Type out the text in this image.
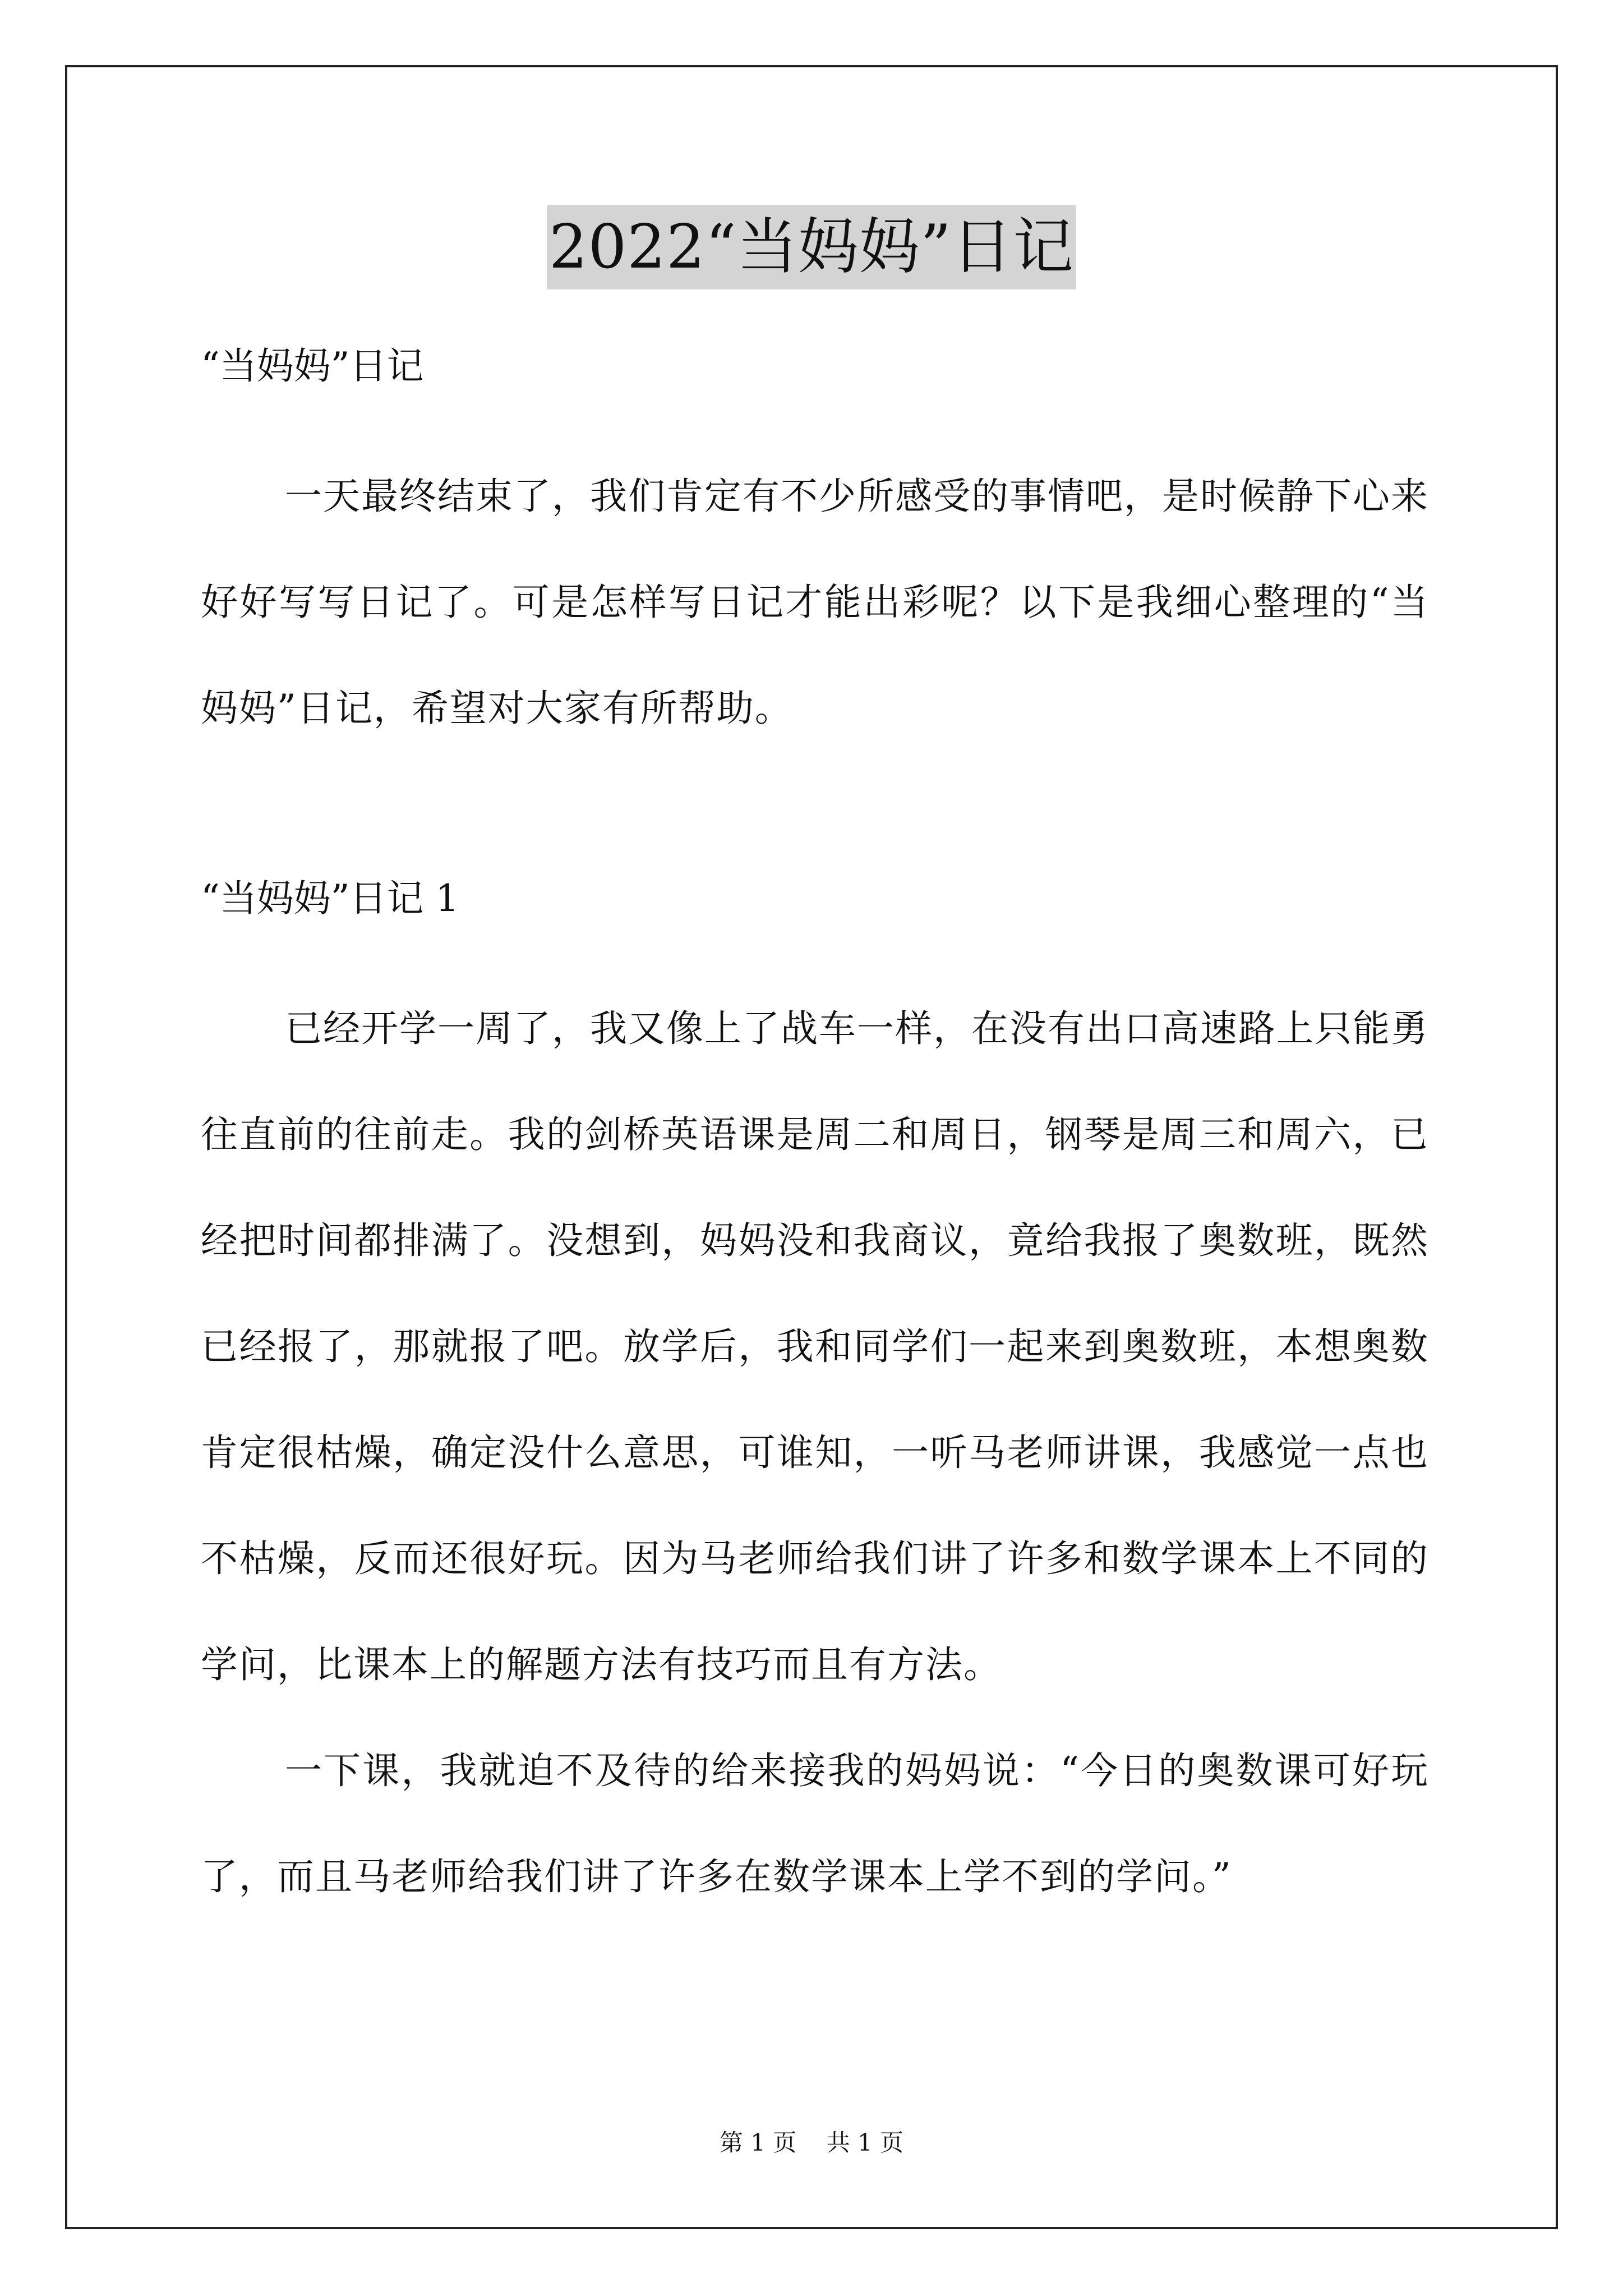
2022“当妈妈”日记

“当妈妈”日记

一天最终结束了，我们肯定有不少所感受的事情吧，是时候静下心来好好写写日记了。可是怎样写日记才能出彩呢？以下是我细心整理的“当妈妈”日记，希望对大家有所帮助。

“当妈妈”日记 1

已经开学一周了，我又像上了战车一样，在没有出口高速路上只能勇往直前的往前走。我的剑桥英语课是周二和周日，钢琴是周三和周六，已经把时间都排满了。没想到，妈妈没和我商议，竟给我报了奥数班，既然已经报了，那就报了吧。放学后，我和同学们一起来到奥数班，本想奥数肯定很枯燥，确定没什么意思，可谁知，一听马老师讲课，我感觉一点也不枯燥，反而还很好玩。因为马老师给我们讲了许多和数学课本上不同的学问，比课本上的解题方法有技巧而且有方法。

一下课，我就迫不及待的给来接我的妈妈说：“今日的奥数课可好玩了，而且马老师给我们讲了许多在数学课本上学不到的学问。”

第 1 页    共 1 页
